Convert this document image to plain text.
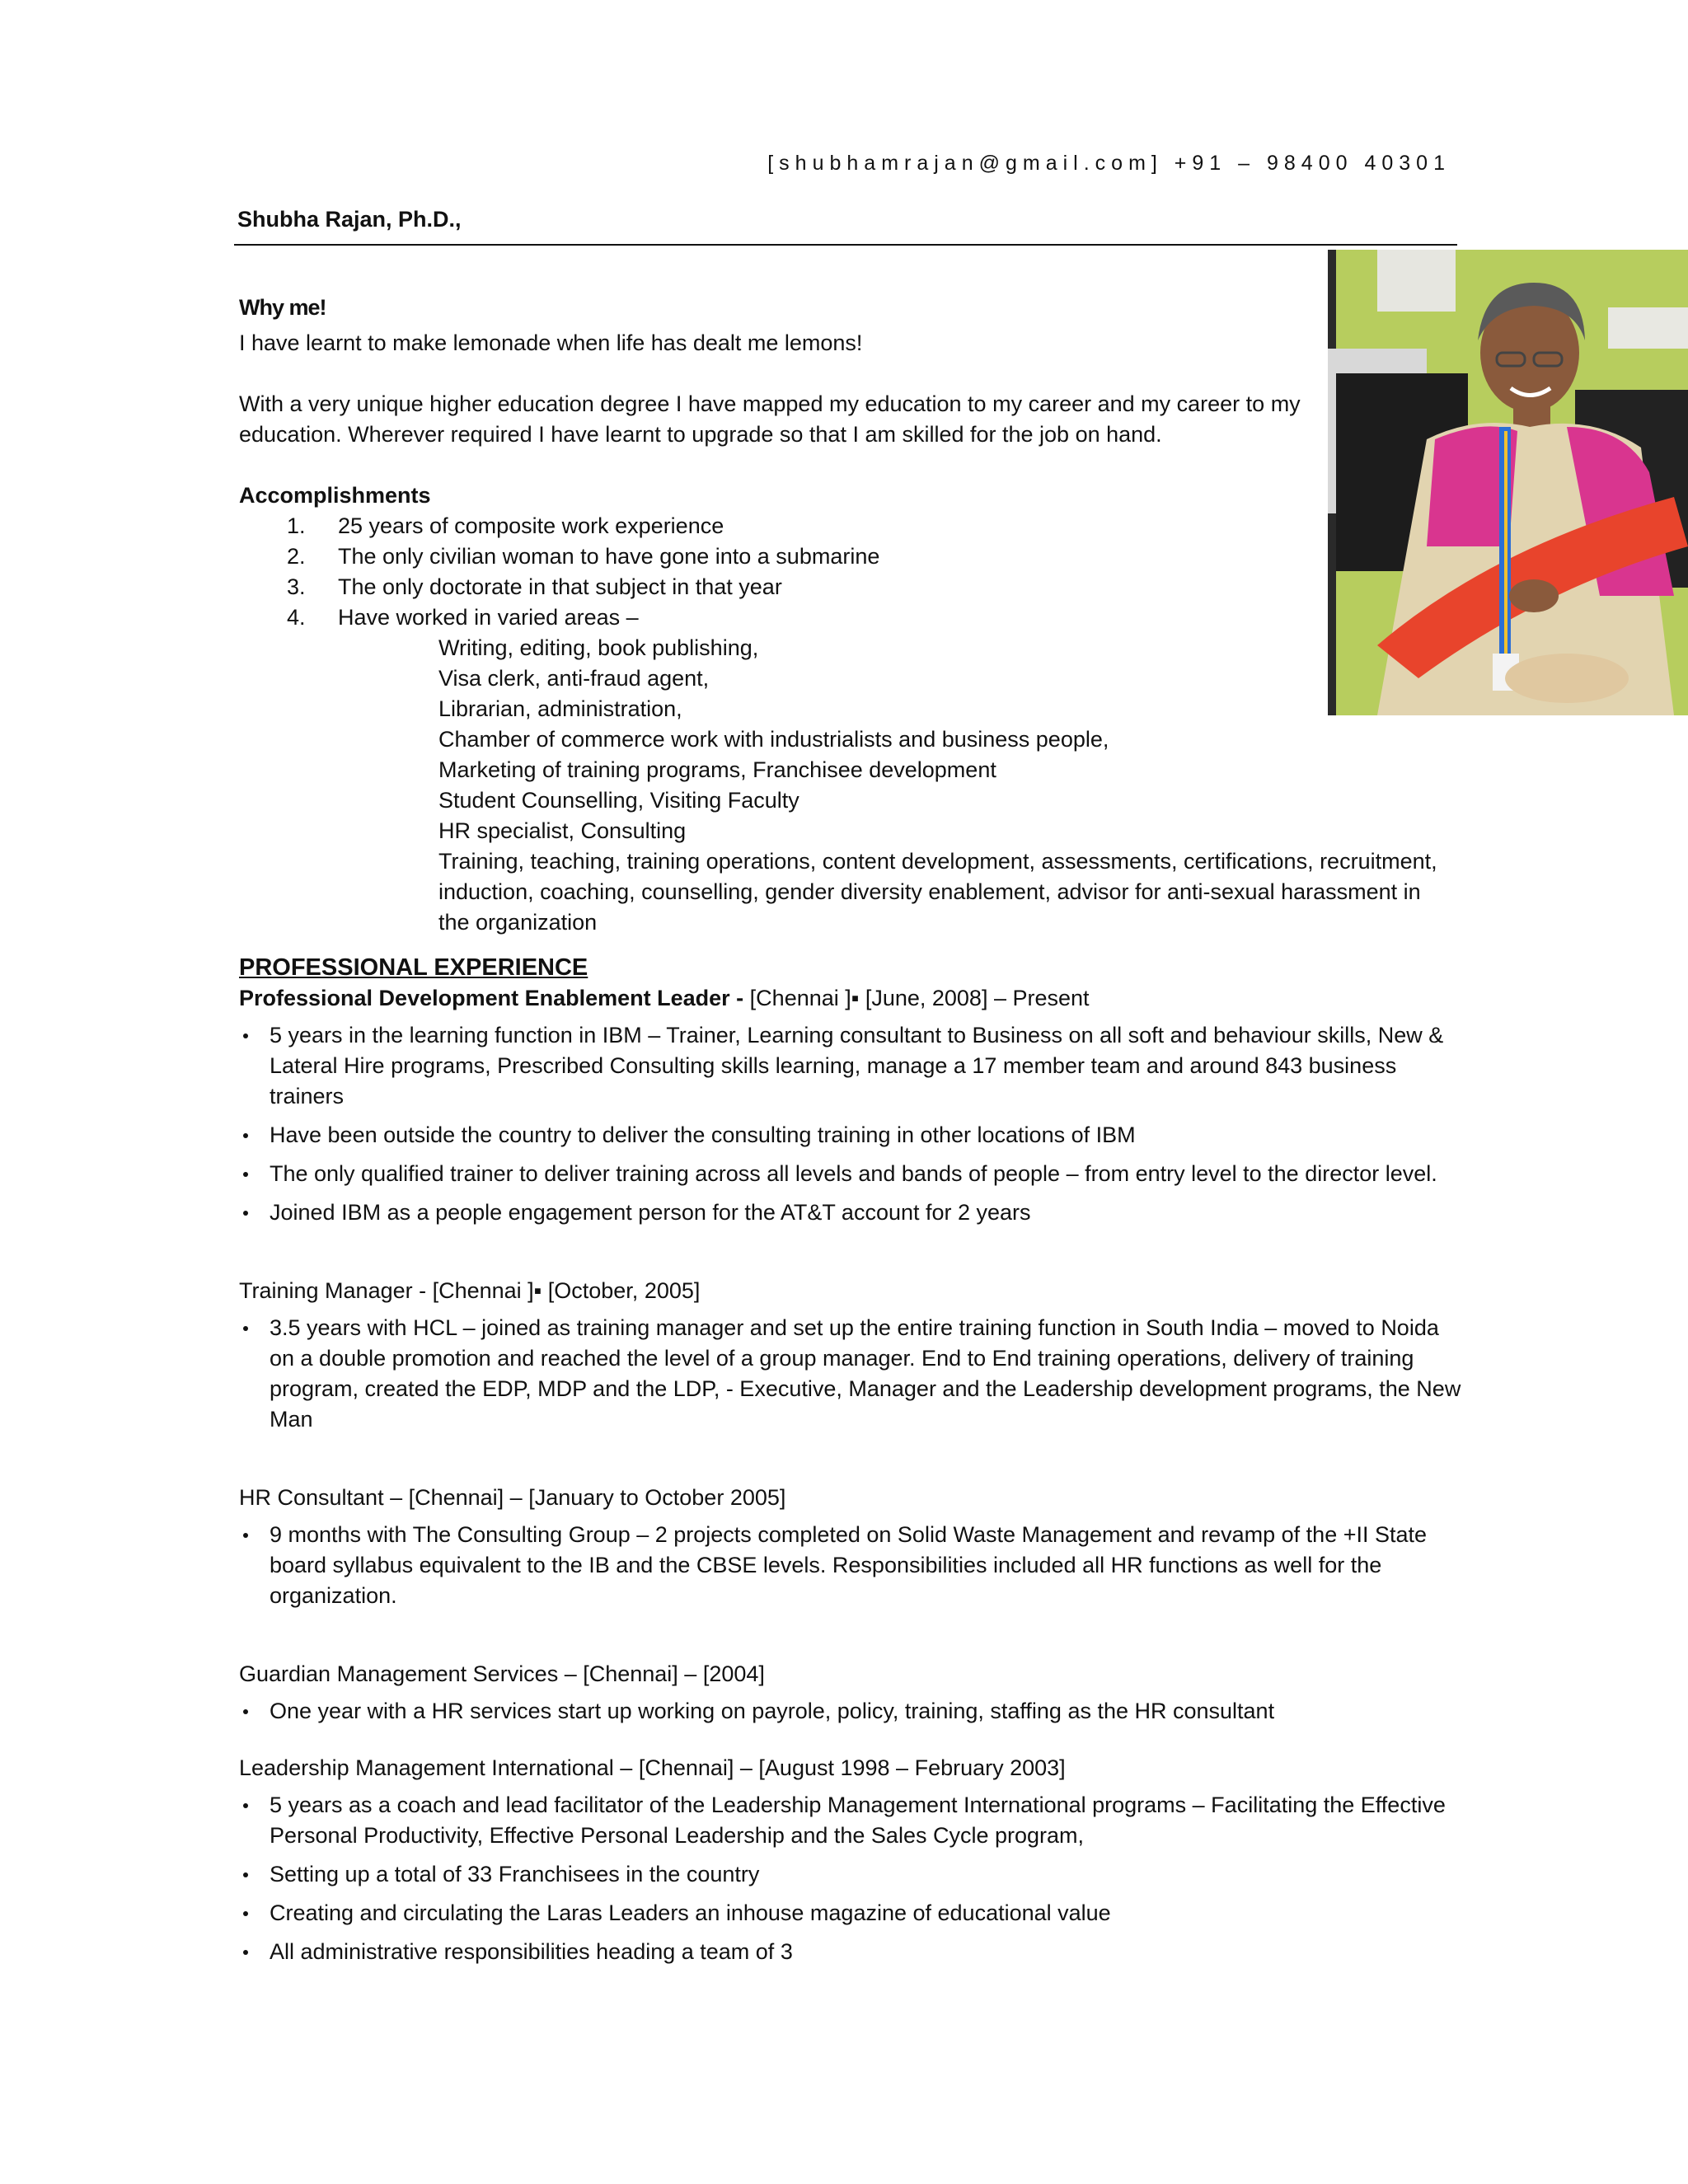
[shubhamrajan@gmail.com] +91 – 98400 40301
Shubha Rajan, Ph.D.,

Why me!

I have learnt to make lemonade when life has dealt me lemons!

With a very unique higher education degree I have mapped my education to my career and my career to my education. Wherever required I have learnt to upgrade so that I am skilled for the job on hand.

Accomplishments

1. 25 years of composite work experience
2. The only civilian woman to have gone into a submarine
3. The only doctorate in that subject in that year
4. Have worked in varied areas –

Writing, editing, book publishing,

Visa clerk, anti-fraud agent,

Librarian, administration,

Chamber of commerce work with industrialists and business people,

Marketing of training programs, Franchisee development

Student Counselling, Visiting Faculty

HR specialist, Consulting

Training, teaching, training operations, content development, assessments, certifications, recruitment, induction, coaching, counselling, gender diversity enablement, advisor for anti-sexual harassment in the organization

PROFESSIONAL EXPERIENCE

Professional Development Enablement Leader - [Chennai ]▪ [June, 2008] – Present

5 years in the learning function in IBM – Trainer, Learning consultant to Business on all soft and behaviour skills, New & Lateral Hire programs, Prescribed Consulting skills learning, manage a 17 member team and around 843 business trainers
Have been outside the country to deliver the consulting training in other locations of IBM
The only qualified trainer to deliver training across all levels and bands of people – from entry level to the director level.
Joined IBM as a people engagement person for the AT&T account for 2 years

Training Manager - [Chennai ]▪ [October, 2005]

3.5 years with HCL – joined as training manager and set up the entire training function in South India – moved to Noida on a double promotion and reached the level of a group manager. End to End training operations, delivery of training program, created the EDP, MDP and the LDP, - Executive, Manager and the Leadership development programs, the New Man

HR Consultant – [Chennai] – [January to October 2005]

9 months with The Consulting Group – 2 projects completed on Solid Waste Management and revamp of the +II State board syllabus equivalent to the IB and the CBSE levels. Responsibilities included all HR functions as well for the organization.

Guardian Management Services – [Chennai] – [2004]

One year with a HR services start up working on payrole, policy, training, staffing as the HR consultant

Leadership Management International – [Chennai] – [August 1998 – February 2003]

5 years as a coach and lead facilitator of the Leadership Management International programs – Facilitating the Effective Personal Productivity, Effective Personal Leadership and the Sales Cycle program,
Setting up a total of 33 Franchisees in the country
Creating and circulating the Laras Leaders an inhouse magazine of educational value
All administrative responsibilities heading a team of 3
